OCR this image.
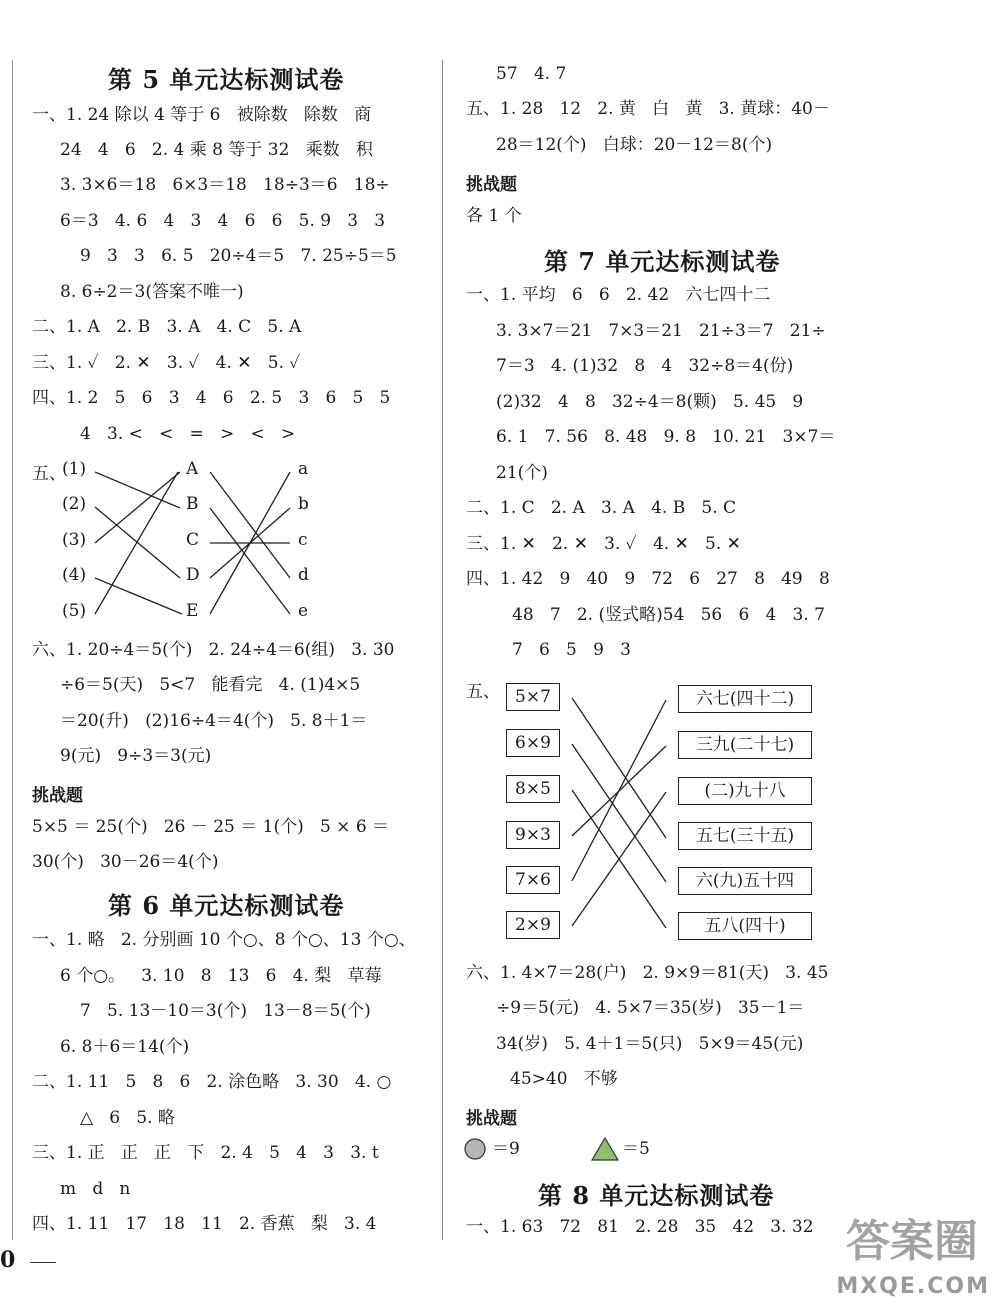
第 5 单元达标测试卷
一、1. 24 除以 4 等于 6   被除数   除数   商
24   4   6   2. 4 乘 8 等于 32   乘数   积
3. 3×6＝18   6×3＝18   18÷3＝6   18÷
6＝3   4. 6   4   3   4   6   6   5. 9   3   3
9   3   3   6. 5   20÷4＝5   7. 25÷5＝5
8. 6÷2＝3(答案不唯一)
二、1. A   2. B   3. A   4. C   5. A
三、1. ✓   2. ✕   3. ✓   4. ✕   5. ✓
四、1. 2   5   6   3   4   6   2. 5   3   6   5   5
4   3. <   <   =   >   <   >
五、
(1)
(2)
(3)
(4)
(5)
A
B
C
D
E
a
b
c
d
e
六、1. 20÷4＝5(个)   2. 24÷4＝6(组)   3. 30
÷6＝5(天)   5<7   能看完   4. (1)4×5
＝20(升)   (2)16÷4＝4(个)   5. 8＋1＝
9(元)   9÷3＝3(元)
挑战题
5×5 ＝ 25(个)   26 － 25 ＝ 1(个)   5 × 6 ＝
30(个)   30－26＝4(个)
第 6 单元达标测试卷
一、1. 略   2. 分别画 10 个○、8 个○、13 个○、
6 个○。   3. 10   8   13   6   4. 梨   草莓
7   5. 13－10＝3(个)   13－8＝5(个)
6. 8＋6＝14(个)
二、1. 11   5   8   6   2. 涂色略   3. 30   4. ○
△   6   5. 略
三、1. 正   正   正   下   2. 4   5   4   3   3. t
m   d   n
四、1. 11   17   18   11   2. 香蕉   梨   3. 4
0
57   4. 7
五、1. 28   12   2. 黄   白   黄   3. 黄球：40－
28＝12(个)   白球：20－12＝8(个)
挑战题
各 1 个
第 7 单元达标测试卷
一、1. 平均   6   6   2. 42   六七四十二
3. 3×7＝21   7×3＝21   21÷3＝7   21÷
7＝3   4. (1)32   8   4   32÷8＝4(份)
(2)32   4   8   32÷4＝8(颗)   5. 45   9
6. 1   7. 56   8. 48   9. 8   10. 21   3×7＝
21(个)
二、1. C   2. A   3. A   4. B   5. C
三、1. ✕   2. ✕   3. ✓   4. ✕   5. ✕
四、1. 42   9   40   9   72   6   27   8   49   8
48   7   2. (竖式略)54   56   6   4   3. 7
7   6   5   9   3
五、 5×7
6×9
8×5
9×3
7×6
2×9
六七(四十二)
三九(二十七)
(二)九十八
五七(三十五)
六(九)五十四
五八(四十)
六、1. 4×7＝28(户)   2. 9×9＝81(天)   3. 45
÷9＝5(元)   4. 5×7＝35(岁)   35－1＝
34(岁)   5. 4＋1＝5(只)   5×9＝45(元)
45>40   不够
挑战题
＝9	＝5
第 8 单元达标测试卷
一、1. 63   72   81   2. 28   35   42   3. 32 答案圈
MXQE.COM
